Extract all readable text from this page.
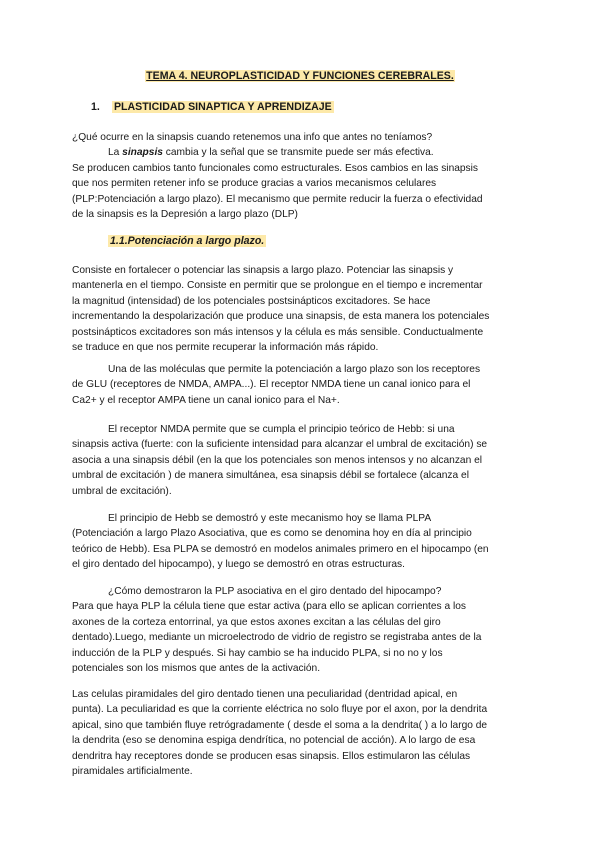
TEMA 4. NEUROPLASTICIDAD Y FUNCIONES CEREBRALES.
1. PLASTICIDAD SINAPTICA Y APRENDIZAJE

¿Qué ocurre en la sinapsis cuando retenemos una info que antes no teníamos?

La sinapsis cambia y la señal que se transmite puede ser más efectiva.

Se producen cambios tanto funcionales como estructurales. Esos cambios en las sinapsis

que nos permiten retener info se produce gracias a varios mecanismos celulares

(PLP:Potenciación a largo plazo). El mecanismo que permite reducir la fuerza o efectividad

de la sinapsis es la Depresión a largo plazo (DLP)

1.1.Potenciación a largo plazo.

Consiste en fortalecer o potenciar las sinapsis a largo plazo. Potenciar las sinapsis y

mantenerla en el tiempo. Consiste en permitir que se prolongue en el tiempo e incrementar

la magnitud (intensidad) de los potenciales postsinápticos excitadores. Se hace

incrementando la despolarización que produce una sinapsis, de esta manera los potenciales

postsinápticos excitadores son más intensos y la célula es más sensible. Conductualmente

se traduce en que nos permite recuperar la información más rápido.

Una de las moléculas que permite la potenciación a largo plazo son los receptores

de GLU (receptores de NMDA, AMPA...). El receptor NMDA tiene un canal ionico para el

Ca2+ y el receptor AMPA tiene un canal ionico para el Na+.

El receptor NMDA permite que se cumpla el principio teórico de Hebb: si una

sinapsis activa (fuerte: con la suficiente intensidad para alcanzar el umbral de excitación) se

asocia a una sinapsis débil (en la que los potenciales son menos intensos y no alcanzan el

umbral de excitación ) de manera simultánea, esa sinapsis débil se fortalece (alcanza el

umbral de excitación).

El principio de Hebb se demostró y este mecanismo hoy se llama PLPA

(Potenciación a largo Plazo Asociativa, que es como se denomina hoy en día al principio

teórico de Hebb). Esa PLPA se demostró en modelos animales primero en el hipocampo (en

el giro dentado del hipocampo), y luego se demostró en otras estructuras.

¿Cómo demostraron la PLP asociativa en el giro dentado del hipocampo?

Para que haya PLP la célula tiene que estar activa (para ello se aplican corrientes a los

axones de la corteza entorrinal, ya que estos axones excitan a las células del giro

dentado).Luego, mediante un microelectrodo de vidrio de registro se registraba antes de la

inducción de la PLP y después. Si hay cambio se ha inducido PLPA, si no no y los

potenciales son los mismos que antes de la activación.

Las celulas piramidales del giro dentado tienen una peculiaridad (dentridad apical, en

punta). La peculiaridad es que la corriente eléctrica no solo fluye por el axon, por la dendrita

apical, sino que también fluye retrógradamente ( desde el soma a la dendrita( ) a lo largo de

la dendrita (eso se denomina espiga dendrítica, no potencial de acción). A lo largo de esa

dendritra hay receptores donde se producen esas sinapsis. Ellos estimularon las células

piramidales artificialmente.
